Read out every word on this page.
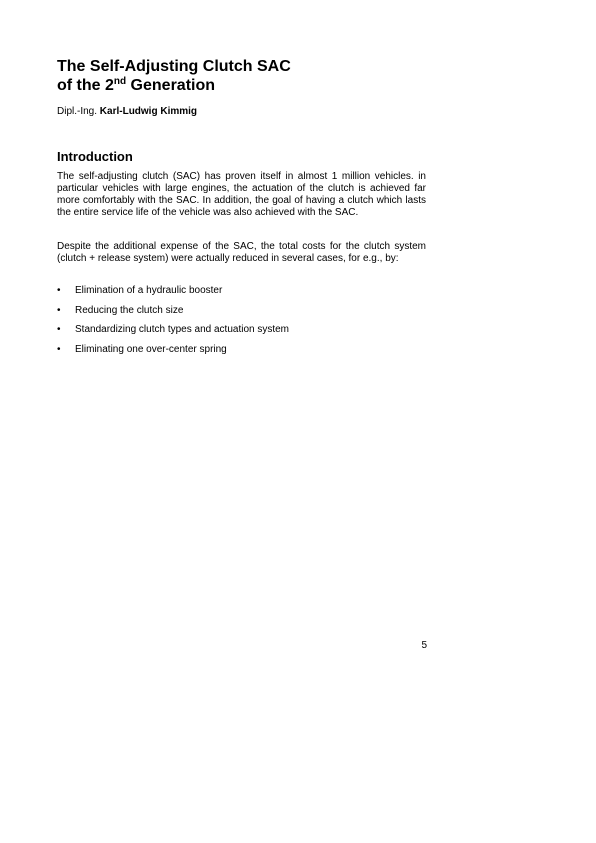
The Self-Adjusting Clutch SAC
of the 2nd Generation

Dipl.-Ing. Karl-Ludwig Kimmig

Introduction

The self-adjusting clutch (SAC) has proven itself in almost 1 million vehicles. in particular vehicles with large engines, the actuation of the clutch is achieved far more comfortably with the SAC. In addition, the goal of having a clutch which lasts the entire service life of the vehicle was also achieved with the SAC.

Despite the additional expense of the SAC, the total costs for the clutch system (clutch + release system) were actually reduced in several cases, for e.g., by:

• Elimination of a hydraulic booster
• Reducing the clutch size
• Standardizing clutch types and actuation system
• Eliminating one over-center spring
5
